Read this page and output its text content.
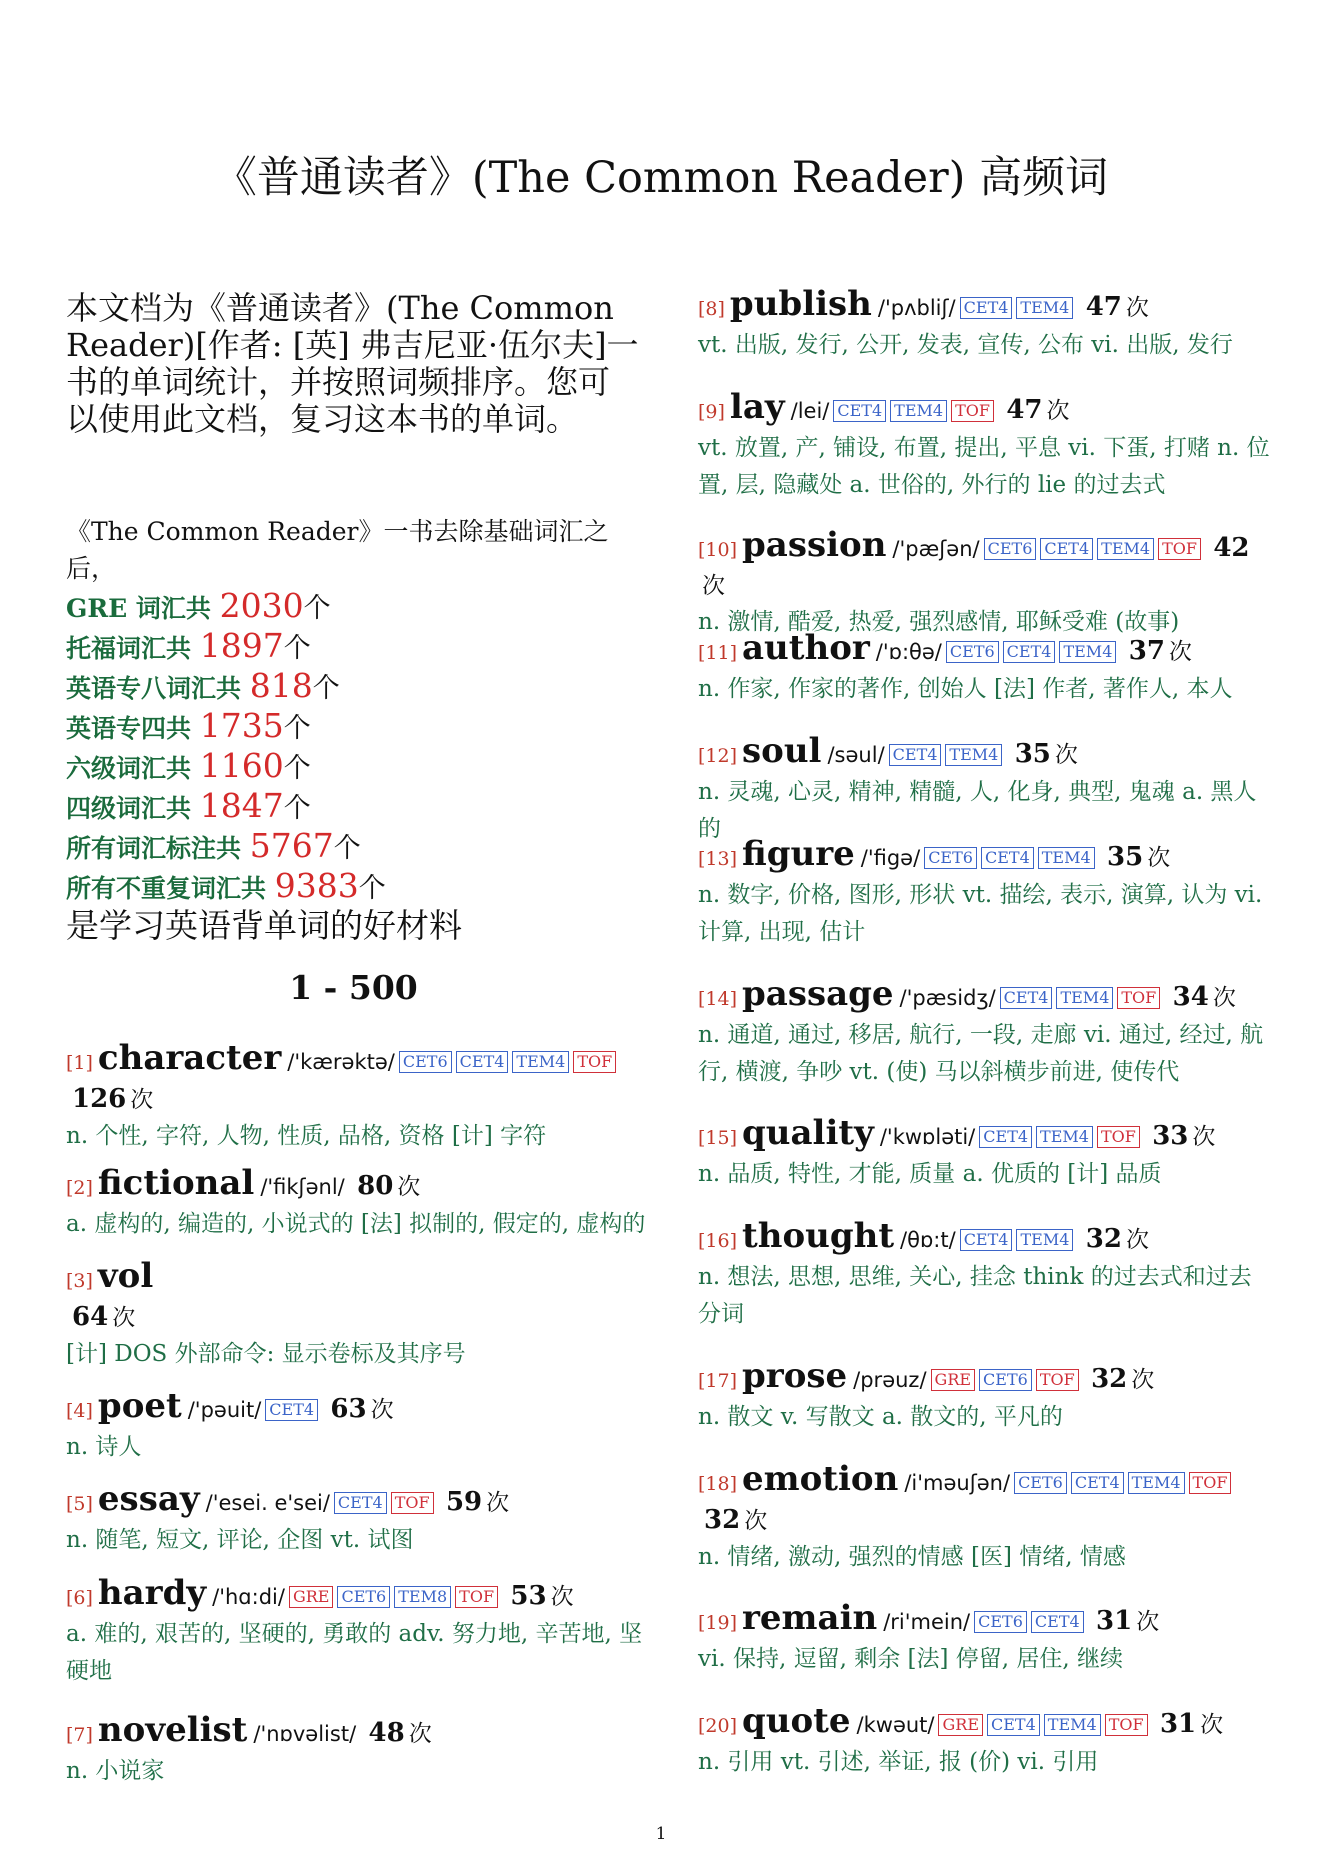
《普通读者》(The Common Reader) 高频词
本文档为《普通读者》(The Common Reader)[作者: [英] 弗吉尼亚·伍尔夫]一书的单词统计，并按照词频排序。您可以使用此文档，复习这本书的单词。
《The Common Reader》一书去除基础词汇之后，
GRE 词汇共 2030个
托福词汇共 1897个
英语专八词汇共 818个
英语专四共 1735个
六级词汇共 1160个
四级词汇共 1847个
所有词汇标注共 5767个
所有不重复词汇共 9383个
是学习英语背单词的好材料
1 - 500
[1] character /'kærəktə/ CET6 CET4 TEM4 TOF 126 次
n. 个性, 字符, 人物, 性质, 品格, 资格 [计] 字符
[2] fictional /'fikʃənl/ 80 次
a. 虚构的, 编造的, 小说式的 [法] 拟制的, 假定的, 虚构的
[3] vol
64 次
[计] DOS 外部命令: 显示卷标及其序号
[4] poet /'pəuit/ CET4 63 次
n. 诗人
[5] essay /'esei. e'sei/ CET4 TOF 59 次
n. 随笔, 短文, 评论, 企图 vt. 试图
[6] hardy /'hɑ:di/ GRE CET6 TEM8 TOF 53 次
a. 难的, 艰苦的, 坚硬的, 勇敢的 adv. 努力地, 辛苦地, 坚硬地
[7] novelist /'nɒvəlist/ 48 次
n. 小说家
[8] publish /'pʌbliʃ/ CET4 TEM4 47 次
vt. 出版, 发行, 公开, 发表, 宣传, 公布 vi. 出版, 发行
[9] lay /lei/ CET4 TEM4 TOF 47 次
vt. 放置, 产, 铺设, 布置, 提出, 平息 vi. 下蛋, 打赌 n. 位置, 层, 隐藏处 a. 世俗的, 外行的 lie 的过去式
[10] passion /'pæʃən/ CET6 CET4 TEM4 TOF 42次
n. 激情, 酷爱, 热爱, 强烈感情, 耶稣受难 (故事)
[11] author /'ɒ:θə/ CET6 CET4 TEM4 37 次
n. 作家, 作家的著作, 创始人 [法] 作者, 著作人, 本人
[12] soul /səul/ CET4 TEM4 35 次
n. 灵魂, 心灵, 精神, 精髓, 人, 化身, 典型, 鬼魂 a. 黑人的
[13] figure /'figə/ CET6 CET4 TEM4 35 次
n. 数字, 价格, 图形, 形状 vt. 描绘, 表示, 演算, 认为 vi. 计算, 出现, 估计
[14] passage /'pæsidʒ/ CET4 TEM4 TOF 34 次
n. 通道, 通过, 移居, 航行, 一段, 走廊 vi. 通过, 经过, 航行, 横渡, 争吵 vt. (使) 马以斜横步前进, 使传代
[15] quality /'kwɒləti/ CET4 TEM4 TOF 33 次
n. 品质, 特性, 才能, 质量 a. 优质的 [计] 品质
[16] thought /θɒ:t/ CET4 TEM4 32 次
n. 想法, 思想, 思维, 关心, 挂念 think 的过去式和过去分词
[17] prose /prəuz/ GRE CET6 TOF 32 次
n. 散文 v. 写散文 a. 散文的, 平凡的
[18] emotion /i'məuʃən/ CET6 CET4 TEM4 TOF 32 次
n. 情绪, 激动, 强烈的情感 [医] 情绪, 情感
[19] remain /ri'mein/ CET6 CET4 31 次
vi. 保持, 逗留, 剩余 [法] 停留, 居住, 继续
[20] quote /kwəut/ GRE CET4 TEM4 TOF 31 次
n. 引用 vt. 引述, 举证, 报 (价) vi. 引用
1
